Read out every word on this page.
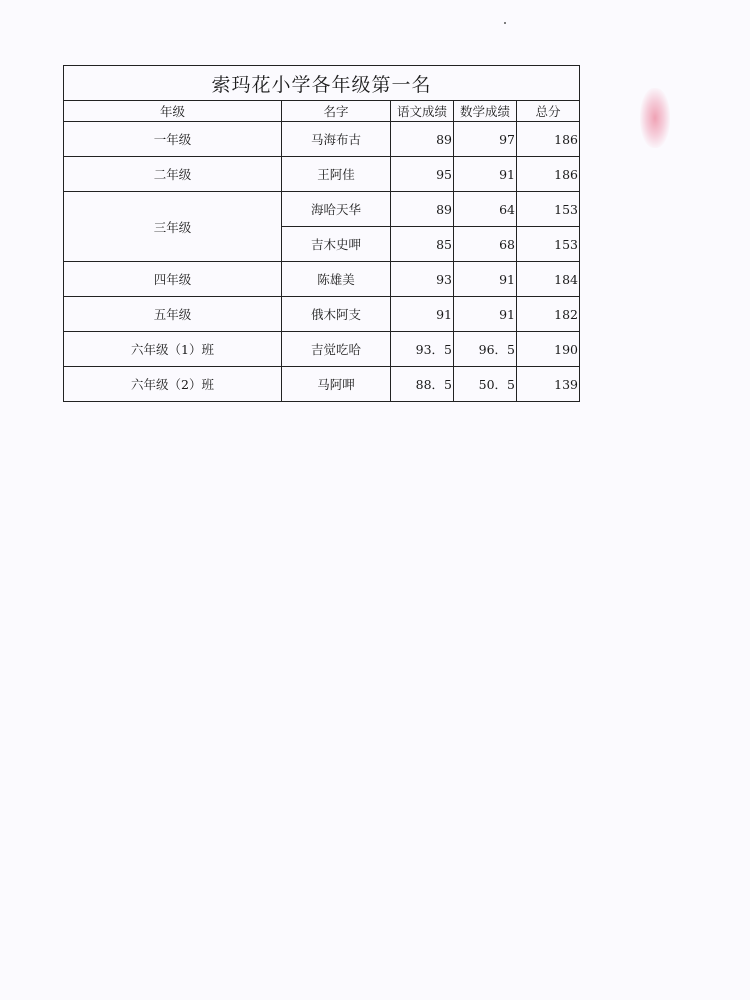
索玛花小学各年级第一名				
年级	名字	语文成绩	数学成绩	总分
一年级	马海布古	89	97	186
二年级	王阿佳	95	91	186
三年级	海哈天华	89	64	153
	吉木史呷	85	68	153
四年级	陈雄美	93	91	184
五年级	俄木阿支	91	91	182
六年级（1）班	吉觉吃哈	93．5	96．5	190
六年级（2）班	马阿呷	88．5	50．5	139
